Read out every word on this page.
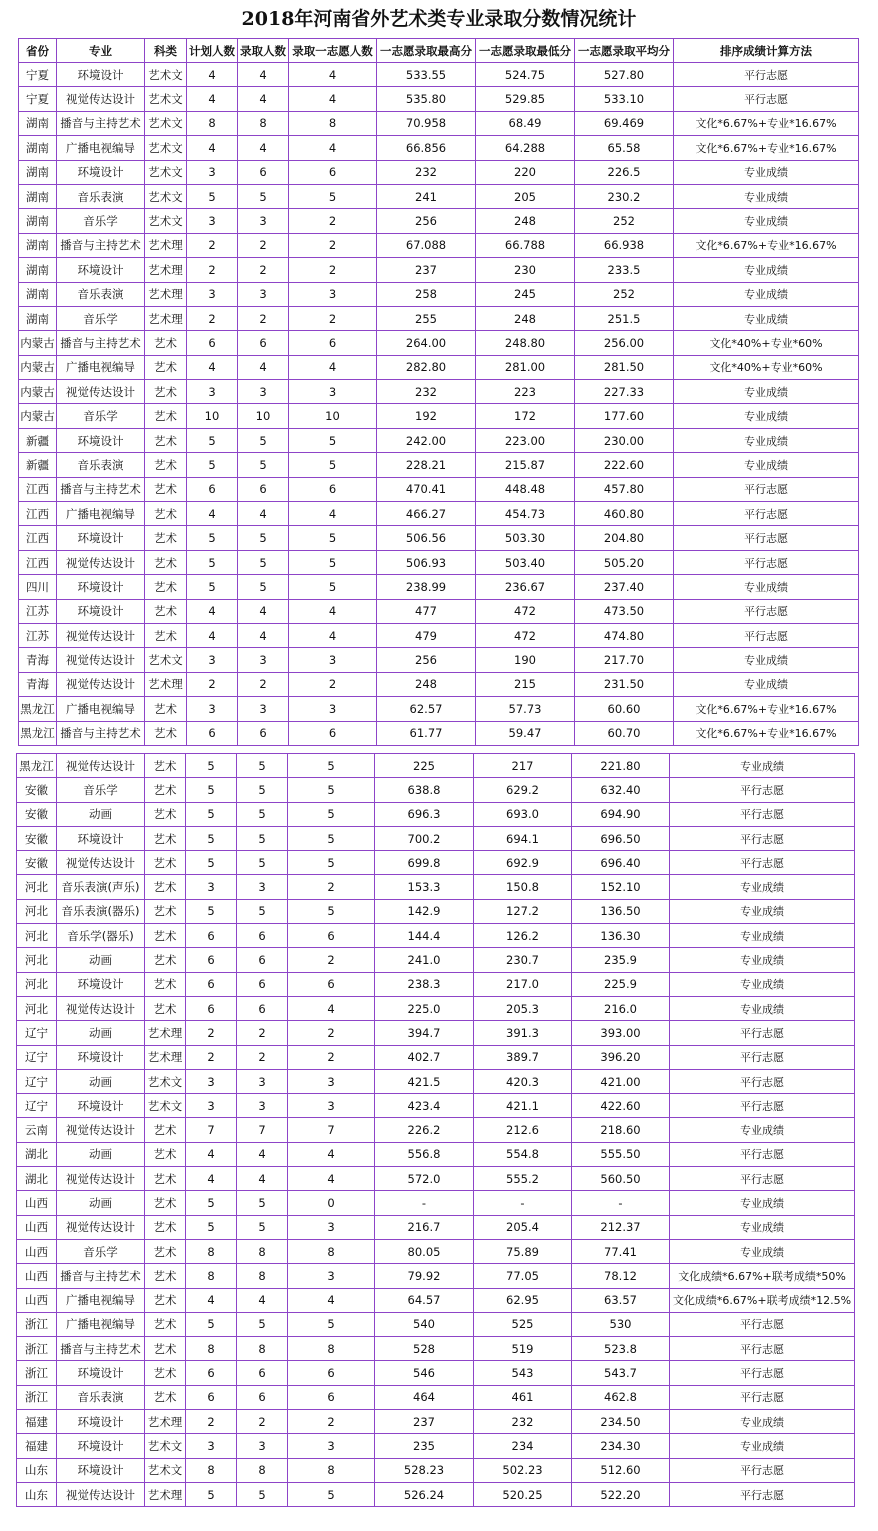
2018年河南省外艺术类专业录取分数情况统计
省份	专业	科类	计划人数	录取人数	录取一志愿人数	一志愿录取最高分	一志愿录取最低分	一志愿录取平均分	排序成绩计算方法
宁夏	环境设计	艺术文	4	4	4	533.55	524.75	527.80	平行志愿
宁夏	视觉传达设计	艺术文	4	4	4	535.80	529.85	533.10	平行志愿
湖南	播音与主持艺术	艺术文	8	8	8	70.958	68.49	69.469	文化*6.67%+专业*16.67%
湖南	广播电视编导	艺术文	4	4	4	66.856	64.288	65.58	文化*6.67%+专业*16.67%
湖南	环境设计	艺术文	3	6	6	232	220	226.5	专业成绩
湖南	音乐表演	艺术文	5	5	5	241	205	230.2	专业成绩
湖南	音乐学	艺术文	3	3	2	256	248	252	专业成绩
湖南	播音与主持艺术	艺术理	2	2	2	67.088	66.788	66.938	文化*6.67%+专业*16.67%
湖南	环境设计	艺术理	2	2	2	237	230	233.5	专业成绩
湖南	音乐表演	艺术理	3	3	3	258	245	252	专业成绩
湖南	音乐学	艺术理	2	2	2	255	248	251.5	专业成绩
内蒙古	播音与主持艺术	艺术	6	6	6	264.00	248.80	256.00	文化*40%+专业*60%
内蒙古	广播电视编导	艺术	4	4	4	282.80	281.00	281.50	文化*40%+专业*60%
内蒙古	视觉传达设计	艺术	3	3	3	232	223	227.33	专业成绩
内蒙古	音乐学	艺术	10	10	10	192	172	177.60	专业成绩
新疆	环境设计	艺术	5	5	5	242.00	223.00	230.00	专业成绩
新疆	音乐表演	艺术	5	5	5	228.21	215.87	222.60	专业成绩
江西	播音与主持艺术	艺术	6	6	6	470.41	448.48	457.80	平行志愿
江西	广播电视编导	艺术	4	4	4	466.27	454.73	460.80	平行志愿
江西	环境设计	艺术	5	5	5	506.56	503.30	204.80	平行志愿
江西	视觉传达设计	艺术	5	5	5	506.93	503.40	505.20	平行志愿
四川	环境设计	艺术	5	5	5	238.99	236.67	237.40	专业成绩
江苏	环境设计	艺术	4	4	4	477	472	473.50	平行志愿
江苏	视觉传达设计	艺术	4	4	4	479	472	474.80	平行志愿
青海	视觉传达设计	艺术文	3	3	3	256	190	217.70	专业成绩
青海	视觉传达设计	艺术理	2	2	2	248	215	231.50	专业成绩
黑龙江	广播电视编导	艺术	3	3	3	62.57	57.73	60.60	文化*6.67%+专业*16.67%
黑龙江	播音与主持艺术	艺术	6	6	6	61.77	59.47	60.70	文化*6.67%+专业*16.67%
黑龙江	视觉传达设计	艺术	5	5	5	225	217	221.80	专业成绩
安徽	音乐学	艺术	5	5	5	638.8	629.2	632.40	平行志愿
安徽	动画	艺术	5	5	5	696.3	693.0	694.90	平行志愿
安徽	环境设计	艺术	5	5	5	700.2	694.1	696.50	平行志愿
安徽	视觉传达设计	艺术	5	5	5	699.8	692.9	696.40	平行志愿
河北	音乐表演(声乐)	艺术	3	3	2	153.3	150.8	152.10	专业成绩
河北	音乐表演(器乐)	艺术	5	5	5	142.9	127.2	136.50	专业成绩
河北	音乐学(器乐)	艺术	6	6	6	144.4	126.2	136.30	专业成绩
河北	动画	艺术	6	6	2	241.0	230.7	235.9	专业成绩
河北	环境设计	艺术	6	6	6	238.3	217.0	225.9	专业成绩
河北	视觉传达设计	艺术	6	6	4	225.0	205.3	216.0	专业成绩
辽宁	动画	艺术理	2	2	2	394.7	391.3	393.00	平行志愿
辽宁	环境设计	艺术理	2	2	2	402.7	389.7	396.20	平行志愿
辽宁	动画	艺术文	3	3	3	421.5	420.3	421.00	平行志愿
辽宁	环境设计	艺术文	3	3	3	423.4	421.1	422.60	平行志愿
云南	视觉传达设计	艺术	7	7	7	226.2	212.6	218.60	专业成绩
湖北	动画	艺术	4	4	4	556.8	554.8	555.50	平行志愿
湖北	视觉传达设计	艺术	4	4	4	572.0	555.2	560.50	平行志愿
山西	动画	艺术	5	5	0	-	-	-	专业成绩
山西	视觉传达设计	艺术	5	5	3	216.7	205.4	212.37	专业成绩
山西	音乐学	艺术	8	8	8	80.05	75.89	77.41	专业成绩
山西	播音与主持艺术	艺术	8	8	3	79.92	77.05	78.12	文化成绩*6.67%+联考成绩*50%
山西	广播电视编导	艺术	4	4	4	64.57	62.95	63.57	文化成绩*6.67%+联考成绩*12.5%
浙江	广播电视编导	艺术	5	5	5	540	525	530	平行志愿
浙江	播音与主持艺术	艺术	8	8	8	528	519	523.8	平行志愿
浙江	环境设计	艺术	6	6	6	546	543	543.7	平行志愿
浙江	音乐表演	艺术	6	6	6	464	461	462.8	平行志愿
福建	环境设计	艺术理	2	2	2	237	232	234.50	专业成绩
福建	环境设计	艺术文	3	3	3	235	234	234.30	专业成绩
山东	环境设计	艺术文	8	8	8	528.23	502.23	512.60	平行志愿
山东	视觉传达设计	艺术理	5	5	5	526.24	520.25	522.20	平行志愿
